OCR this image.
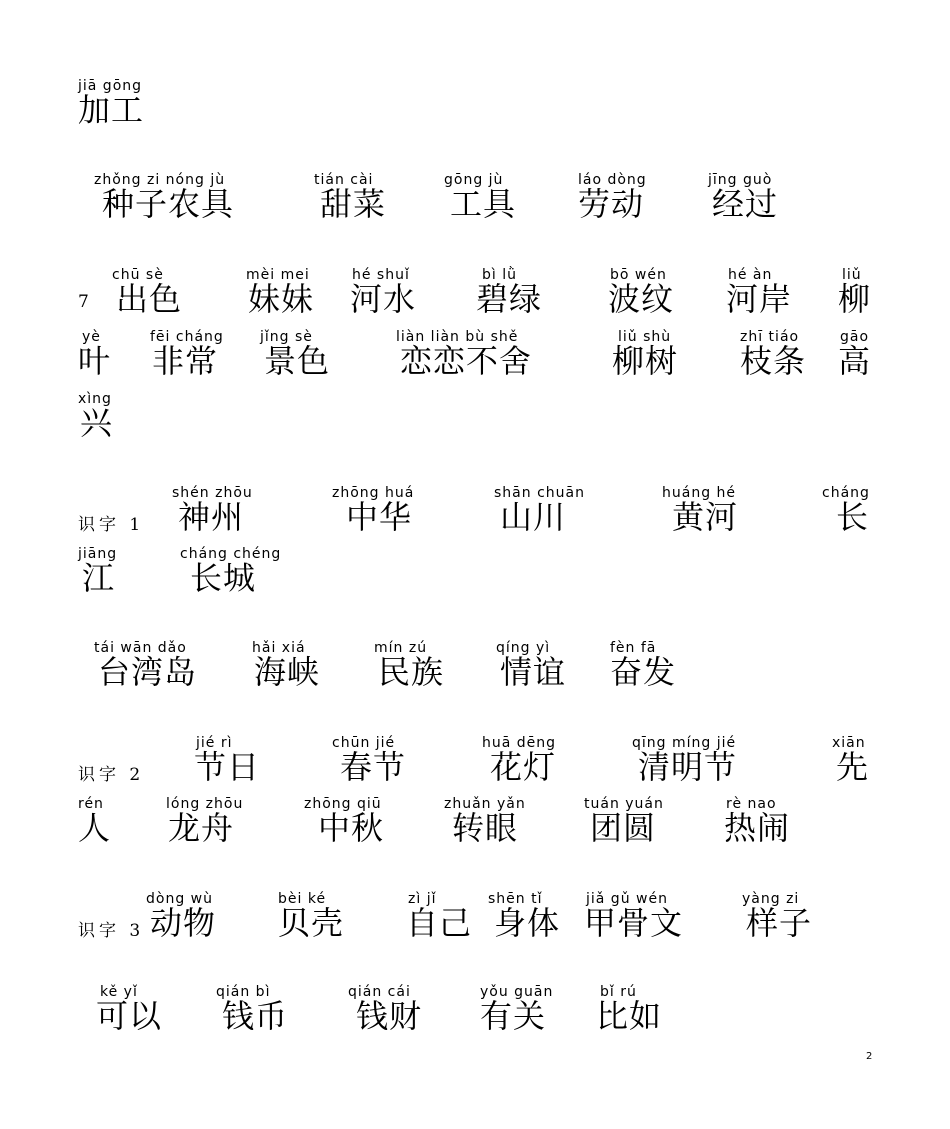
jiā gōng
加工
zhǒng zi nóng jù
种子农具
tián cài
甜菜
gōng jù
工具
láo dòng
劳动
jīng guò
经过
chū sè
出色
mèi mei
妹妹
hé shuǐ
河水
bì lǜ
碧绿
bō wén
波纹
hé àn
河岸
liǔ
柳
7
yè
叶
fēi cháng
非常
jǐng sè
景色
liàn liàn bù shě
恋恋不舍
liǔ shù
柳树
zhī tiáo
枝条
gāo
高
xìng
兴
shén zhōu
神州
zhōng huá
中华
shān chuān
山川
huáng hé
黄河
cháng
长
识字 1
jiāng
江
cháng chéng
长城
tái wān dǎo
台湾岛
hǎi xiá
海峡
mín zú
民族
qíng yì
情谊
fèn fā
奋发
jié rì
节日
chūn jié
春节
huā dēng
花灯
qīng míng jié
清明节
xiān
先
识字 2
rén
人
lóng zhōu
龙舟
zhōng qiū
中秋
zhuǎn yǎn
转眼
tuán yuán
团圆
rè nao
热闹
dòng wù
动物
bèi ké
贝壳
zì jǐ
自己
shēn tǐ
身体
jiǎ gǔ wén
甲骨文
yàng zi
样子
识字 3
kě yǐ
可以
qián bì
钱币
qián cái
钱财
yǒu guān
有关
bǐ rú
比如
2
